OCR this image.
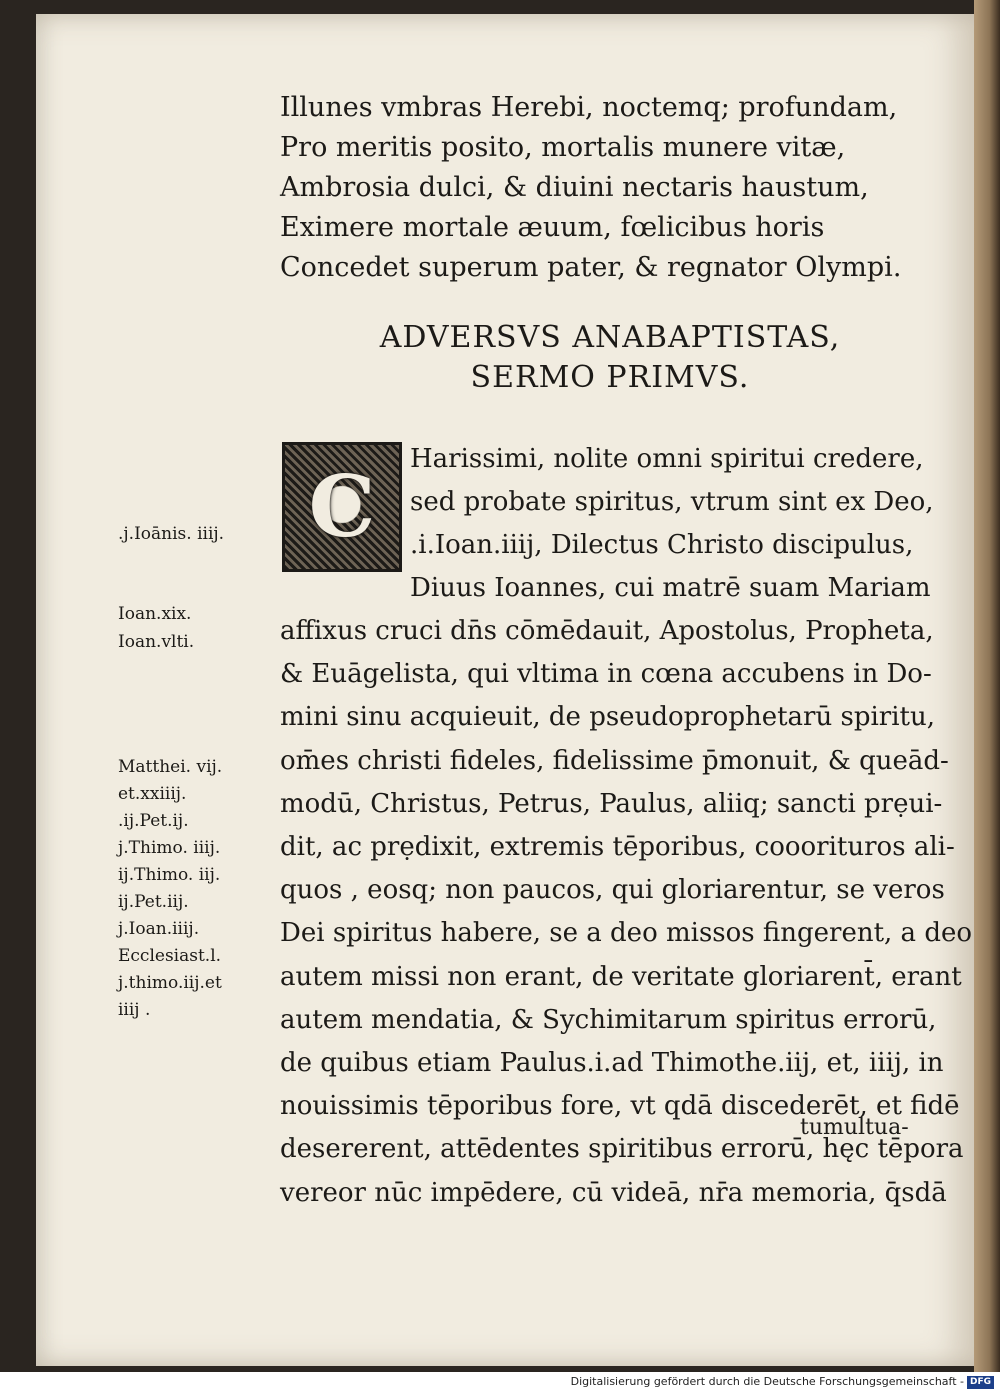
Illunes vmbras Herebi, noctemq; profundam,
Pro meritis posito, mortalis munere vitæ,
Ambrosia dulci, & diuini nectaris haustum,
Eximere mortale æuum, fœlicibus horis
Concedet superum pater, & regnator Olympi.
ADVERSVS ANABAPTISTAS,
SERMO PRIMVS.
C Harissimi, nolite omni spiritui credere,
sed probate spiritus, vtrum sint ex Deo,
.i.Ioan.iiij, Dilectus Christo discipulus,
Diuus Ioannes, cui matrē suam Mariam
affixus cruci dn̄s cōmēdauit, Apostolus, Propheta,
& Euāgelista, qui vltima in cœna accubens in Do-
mini sinu acquieuit, de pseudoprophetarū spiritu,
om̄es christi fideles, fidelissime p̄monuit, & queād-
modū, Christus, Petrus, Paulus, aliiq; sancti prẹui-
dit, ac prẹdixit, extremis tēporibus, cooorituros ali-
quos , eosq; non paucos, qui gloriarentur, se veros
Dei spiritus habere, se a deo missos fingerent, a deo
autem missi non erant, de veritate gloriarent̄, erant
autem mendatia, & Sychimitarum spiritus errorū,
de quibus etiam Paulus.i.ad Thimothe.iij, et, iiij, in
nouissimis tēporibus fore, vt qdā discederēt, et fidē
desererent, attēdentes spiritibus errorū, hęc tēpora
vereor nūc impēdere, cū videā, nr̄a memoria, q̄sdā
tumultua-
.j.Ioānis. iiij.
Ioan.xix.
Ioan.vlti.
Matthei. vij.
et.xxiiij.
.ij.Pet.ij.
j.Thimo. iiij.
ij.Thimo. iij.
ij.Pet.iij.
j.Ioan.iiij.
Ecclesiast.l.
j.thimo.iij.et
iiij .
Digitalisierung gefördert durch die Deutsche Forschungsgemeinschaft - DFG
